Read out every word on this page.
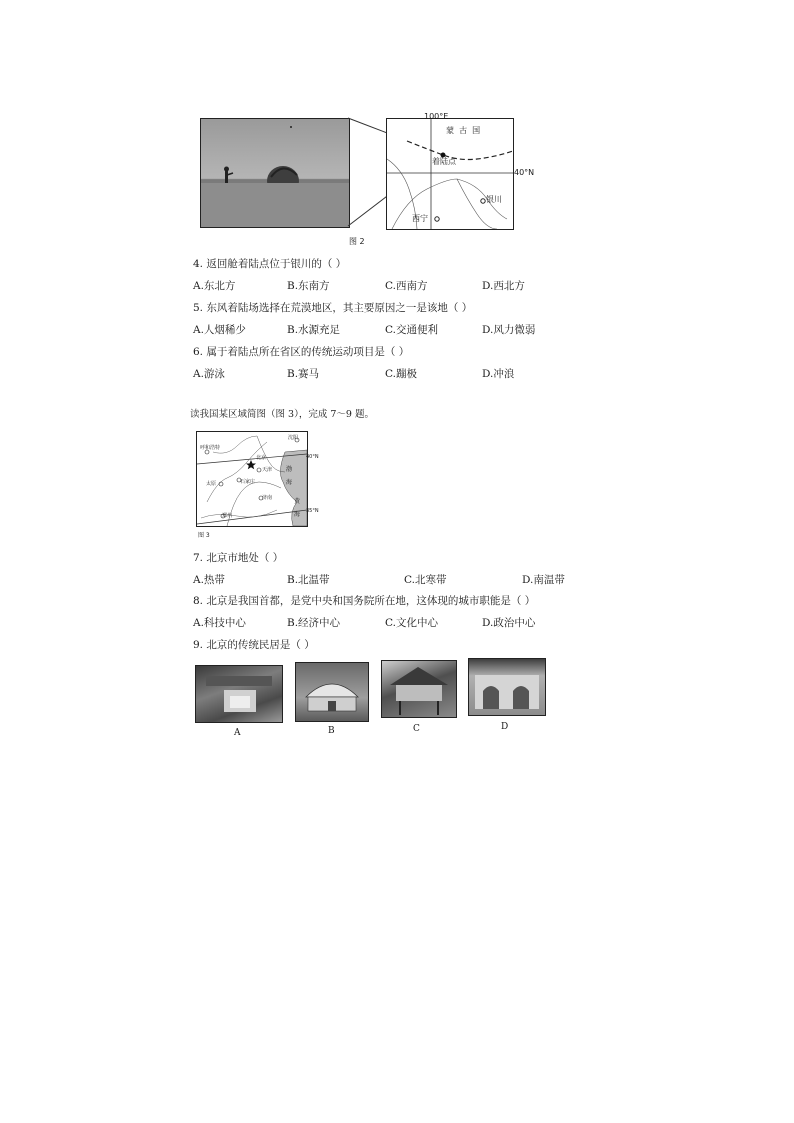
100°E
蒙  古  国
着陆点
40°N
银川
西宁
图 2
4. 返回舱着陆点位于银川的（ ）
A.东北方	B.东南方	C.西南方	D.西北方
5. 东风着陆场选择在荒漠地区，其主要原因之一是该地（ ）
A.人烟稀少	B.水源充足	C.交通便利	D.风力微弱
6. 属于着陆点所在省区的传统运动项目是（ ）
A.游泳	B.赛马	C.蹦极	D.冲浪
读我国某区域简图（图 3），完成 7～9 题。
沈阳
呼和浩特
北京
天津
40°N
渤
海
太原	石家庄
济南	黄
海 35°N
郑州
图 3
7. 北京市地处（ ）
A.热带	B.北温带	C.北寒带	D.南温带
8. 北京是我国首都，是党中央和国务院所在地，这体现的城市职能是（ ）
A.科技中心	B.经济中心	C.文化中心	D.政治中心
9. 北京的传统民居是（ ）
A	B	C	D
